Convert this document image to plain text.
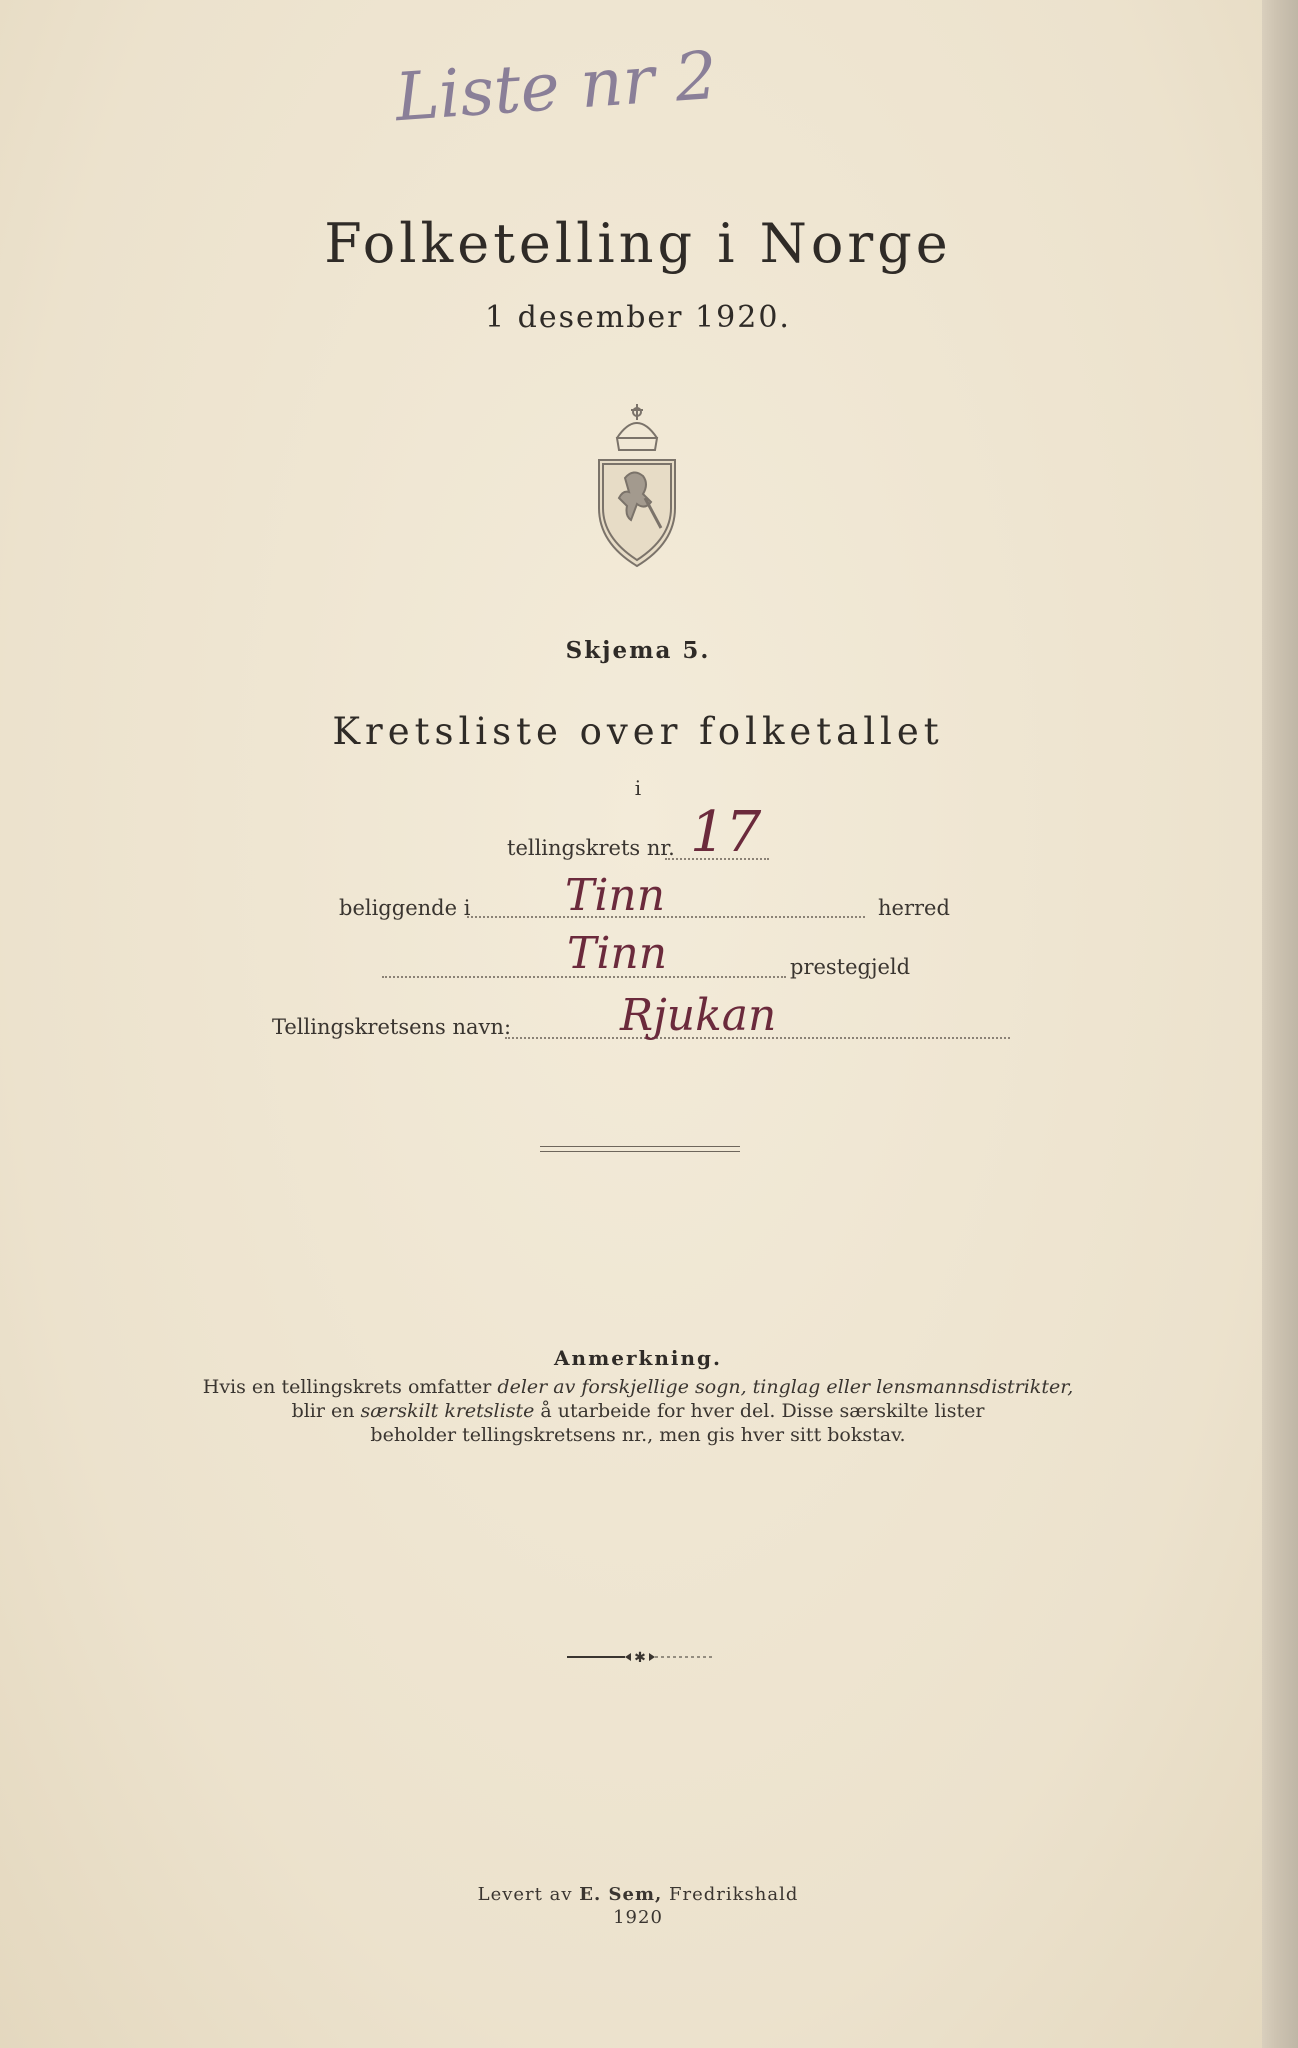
Liste nr 2
Folketelling i Norge
1 desember 1920.
Skjema 5.
Kretsliste over folketallet
i
tellingskrets nr. 17
beliggende i Tinn	herred
Tinn	prestegjeld
Tellingskretsens navn: Rjukan
Anmerkning.
Hvis en tellingskrets omfatter deler av forskjellige sogn, tinglag eller lensmannsdistrikter,
blir en særskilt kretsliste å utarbeide for hver del. Disse særskilte lister
beholder tellingskretsens nr., men gis hver sitt bokstav.
✱
Levert av E. Sem, Fredrikshald
1920
